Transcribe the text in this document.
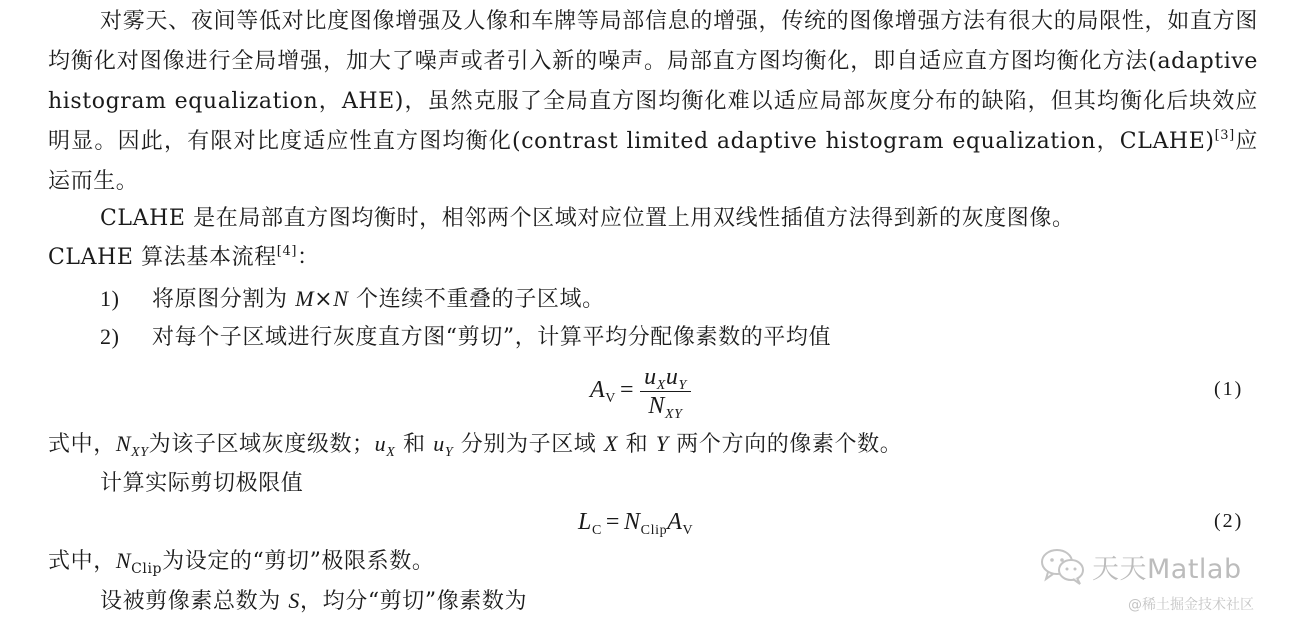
对雾天、夜间等低对比度图像增强及人像和车牌等局部信息的增强，传统的图像增强方法有很大的局限性，如直方图均衡化对图像进行全局增强，加大了噪声或者引入新的噪声。局部直方图均衡化，即自适应直方图均衡化方法(adaptive histogram equalization，AHE)，虽然克服了全局直方图均衡化难以适应局部灰度分布的缺陷，但其均衡化后块效应明显。因此，有限对比度适应性直方图均衡化(contrast limited adaptive histogram equalization，CLAHE)[3]应运而生。
CLAHE 是在局部直方图均衡时，相邻两个区域对应位置上用双线性插值方法得到新的灰度图像。
CLAHE 算法基本流程[4]：
1) 将原图分割为 M×N 个连续不重叠的子区域。
2) 对每个子区域进行灰度直方图“剪切”，计算平均分配像素数的平均值
$A_V = \frac{u_Xu_Y}{N_{XY}}$	(1)
式中，$N_{XY}$为该子区域灰度级数；$u_X$ 和 $u_Y$ 分别为子区域 X 和 Y 两个方向的像素个数。
计算实际剪切极限值
$L_C = N_{Clip}A_V$	(2)
式中，$N_{Clip}$为设定的“剪切”极限系数。
设被剪像素总数为 S，均分“剪切”像素数为
天天Matlab
@稀土掘金技术社区
